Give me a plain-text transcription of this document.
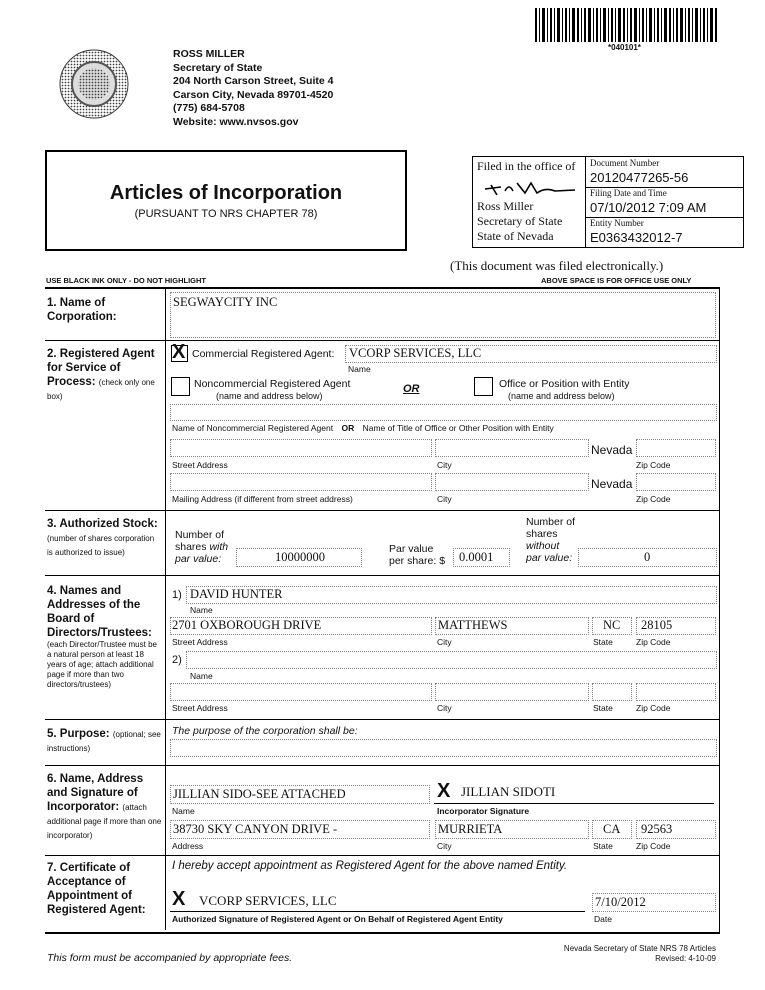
*040101*
ROSS MILLER
Secretary of State
204 North Carson Street, Suite 4
Carson City, Nevada 89701-4520
(775) 684-5708
Website: www.nvsos.gov
Articles of Incorporation
(PURSUANT TO NRS CHAPTER 78)
Filed in the office of
Ross Miller
Secretary of State
State of Nevada
Document Number
20120477265-56
Filing Date and Time
07/10/2012 7:09 AM
Entity Number
E0363432012-7
(This document was filed electronically.)
USE BLACK INK ONLY - DO NOT HIGHLIGHT	ABOVE SPACE IS FOR OFFICE USE ONLY
1. Name of Corporation:
SEGWAYCITY INC
2. Registered Agent for Service of Process: (check only one box)
X Commercial Registered Agent: VCORP SERVICES, LLC
Name
Noncommercial Registered Agent
(name and address below)
OR	Office or Position with Entity
(name and address below)
Name of Noncommercial Registered Agent OR Name of Title of Office or Other Position with Entity
Nevada
Street Address	City	Zip Code
Nevada
Mailing Address (if different from street address)	City	Zip Code
3. Authorized Stock: (number of shares corporation is authorized to issue)
Number of
shares with
par value:	10000000
Par value
per share: $ 0.0001
Number of
shares
without
par value:	0
4. Names and Addresses of the Board of Directors/Trustees:
(each Director/Trustee must be a natural person at least 18 years of age; attach additional page if more than two directors/trustees)
1) DAVID HUNTER
Name
2701 OXBOROUGH DRIVE	MATTHEWS	NC 28105
Street Address	City	State	Zip Code
2)
Name
Street Address	City	State	Zip Code
5. Purpose: (optional; see instructions)
The purpose of the corporation shall be:
6. Name, Address and Signature of Incorporator: (attach additional page if more than one incorporator)
JILLIAN SIDO-SEE ATTACHED
Name
X JILLIAN SIDOTI
Incorporator Signature
38730 SKY CANYON DRIVE -	MURRIETA	CA 92563
Address	City	State	Zip Code
7. Certificate of Acceptance of Appointment of Registered Agent:
I hereby accept appointment as Registered Agent for the above named Entity.
X VCORP SERVICES, LLC	7/10/2012
Authorized Signature of Registered Agent or On Behalf of Registered Agent Entity	Date
This form must be accompanied by appropriate fees.
Nevada Secretary of State NRS 78 Articles
Revised: 4-10-09
